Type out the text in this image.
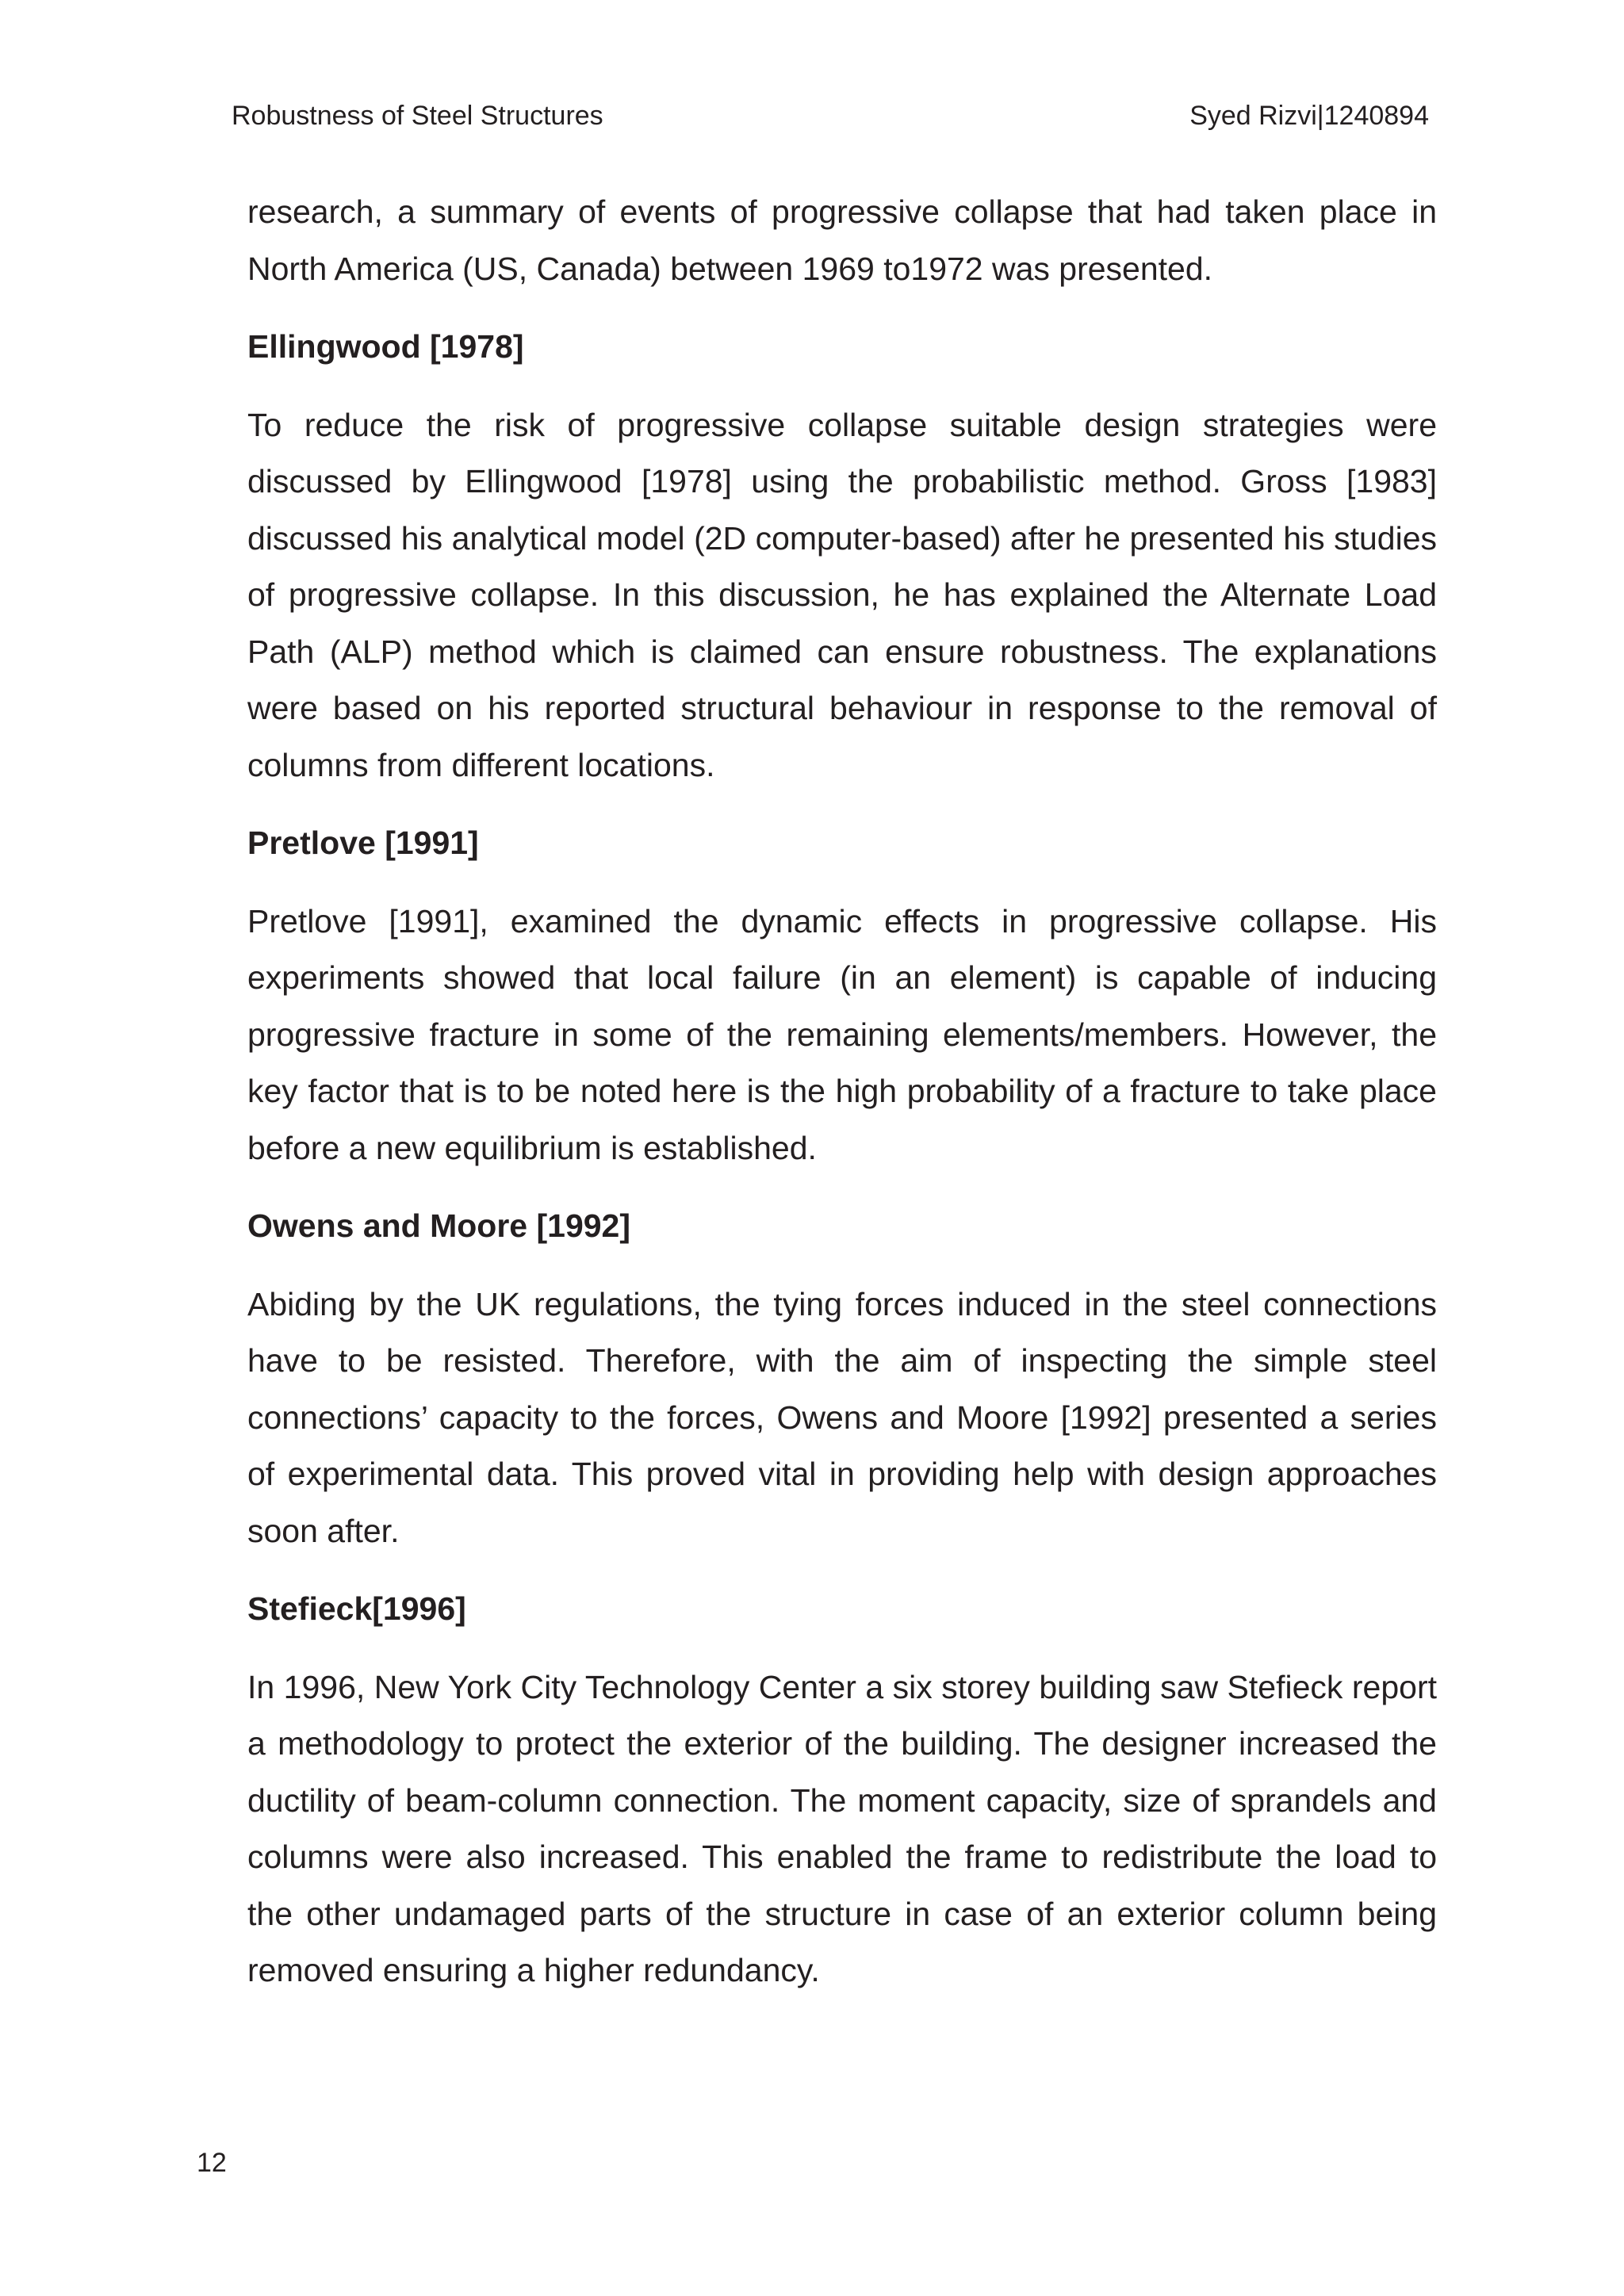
Robustness of Steel Structures	Syed Rizvi|1240894

research, a summary of events of progressive collapse that had taken place in North America (US, Canada) between 1969 to1972 was presented.

Ellingwood [1978]

To reduce the risk of progressive collapse suitable design strategies were discussed by Ellingwood [1978] using the probabilistic method. Gross [1983] discussed his analytical model (2D computer-based) after he presented his studies of progressive collapse. In this discussion, he has explained the Alternate Load Path (ALP) method which is claimed can ensure robustness. The explanations were based on his reported structural behaviour in response to the removal of columns from different locations.

Pretlove [1991]

Pretlove [1991], examined the dynamic effects in progressive collapse. His experiments showed that local failure (in an element) is capable of inducing progressive fracture in some of the remaining elements/members. However, the key factor that is to be noted here is the high probability of a fracture to take place before a new equilibrium is established.

Owens and Moore [1992]

Abiding by the UK regulations, the tying forces induced in the steel connections have to be resisted. Therefore, with the aim of inspecting the simple steel connections’ capacity to the forces, Owens and Moore [1992] presented a series of experimental data. This proved vital in providing help with design approaches soon after.

Stefieck[1996]

In 1996, New York City Technology Center a six storey building saw Stefieck report a methodology to protect the exterior of the building. The designer increased the ductility of beam-column connection. The moment capacity, size of sprandels and columns were also increased. This enabled the frame to redistribute the load to the other undamaged parts of the structure in case of an exterior column being removed ensuring a higher redundancy.

12
